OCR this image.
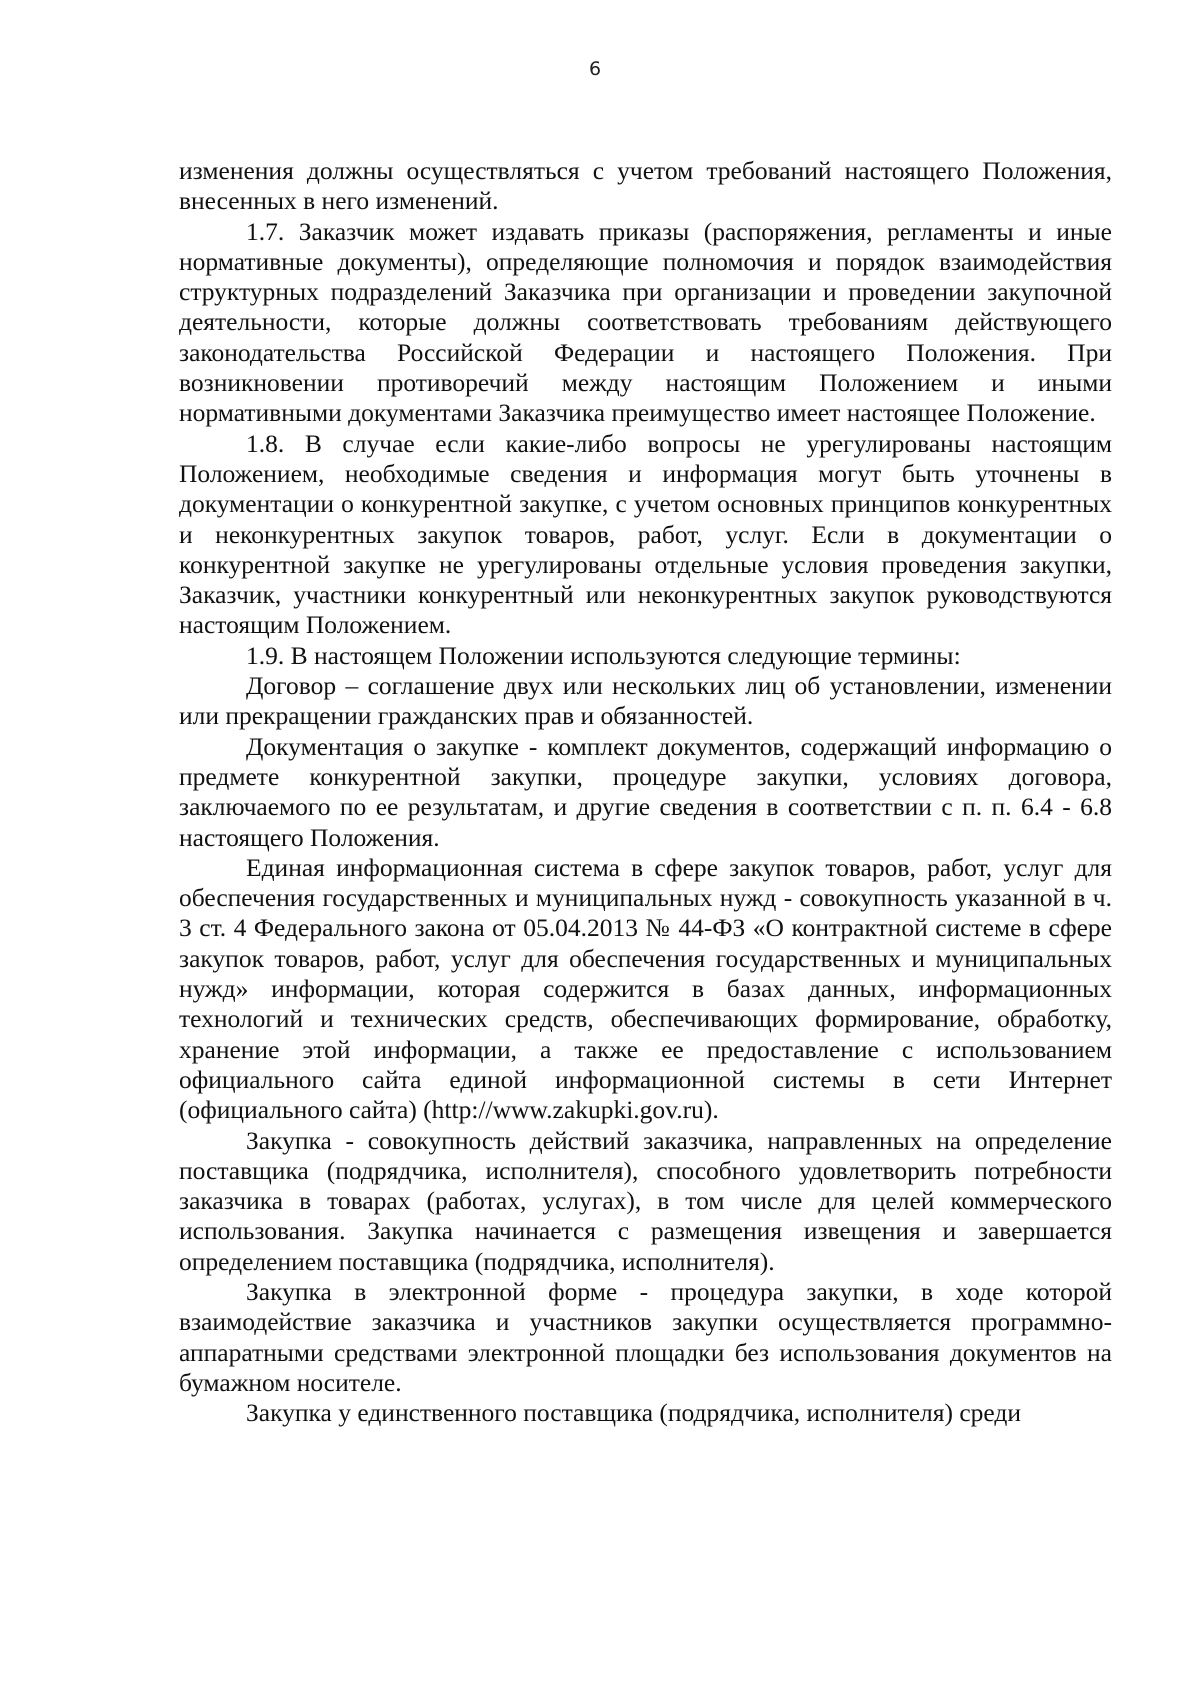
6

изменения должны осуществляться с учетом требований настоящего Положения, внесенных в него изменений.

1.7. Заказчик может издавать приказы (распоряжения, регламенты и иные нормативные документы), определяющие полномочия и порядок взаимодействия структурных подразделений Заказчика при организации и проведении закупочной деятельности, которые должны соответствовать требованиям действующего законодательства Российской Федерации и настоящего Положения. При возникновении противоречий между настоящим Положением и иными нормативными документами Заказчика преимущество имеет настоящее Положение.

1.8. В случае если какие-либо вопросы не урегулированы настоящим Положением, необходимые сведения и информация могут быть уточнены в документации о конкурентной закупке, с учетом основных принципов конкурентных и неконкурентных закупок товаров, работ, услуг. Если в документации о конкурентной закупке не урегулированы отдельные условия проведения закупки, Заказчик, участники конкурентный или неконкурентных закупок руководствуются настоящим Положением.

1.9. В настоящем Положении используются следующие термины:

Договор – соглашение двух или нескольких лиц об установлении, изменении или прекращении гражданских прав и обязанностей.

Документация о закупке - комплект документов, содержащий информацию о предмете конкурентной закупки, процедуре закупки, условиях договора, заключаемого по ее результатам, и другие сведения в соответствии с п. п. 6.4 - 6.8 настоящего Положения.

Единая информационная система в сфере закупок товаров, работ, услуг для обеспечения государственных и муниципальных нужд - совокупность указанной в ч. 3 ст. 4 Федерального закона от 05.04.2013 № 44-ФЗ «О контрактной системе в сфере закупок товаров, работ, услуг для обеспечения государственных и муниципальных нужд» информации, которая содержится в базах данных, информационных технологий и технических средств, обеспечивающих формирование, обработку, хранение этой информации, а также ее предоставление с использованием официального сайта единой информационной системы в сети Интернет (официального сайта) (http://www.zakupki.gov.ru).

Закупка - совокупность действий заказчика, направленных на определение поставщика (подрядчика, исполнителя), способного удовлетворить потребности заказчика в товарах (работах, услугах), в том числе для целей коммерческого использования. Закупка начинается с размещения извещения и завершается определением поставщика (подрядчика, исполнителя).

Закупка в электронной форме - процедура закупки, в ходе которой взаимодействие заказчика и участников закупки осуществляется программно-аппаратными средствами электронной площадки без использования документов на бумажном носителе.

Закупка у единственного поставщика (подрядчика, исполнителя) среди
